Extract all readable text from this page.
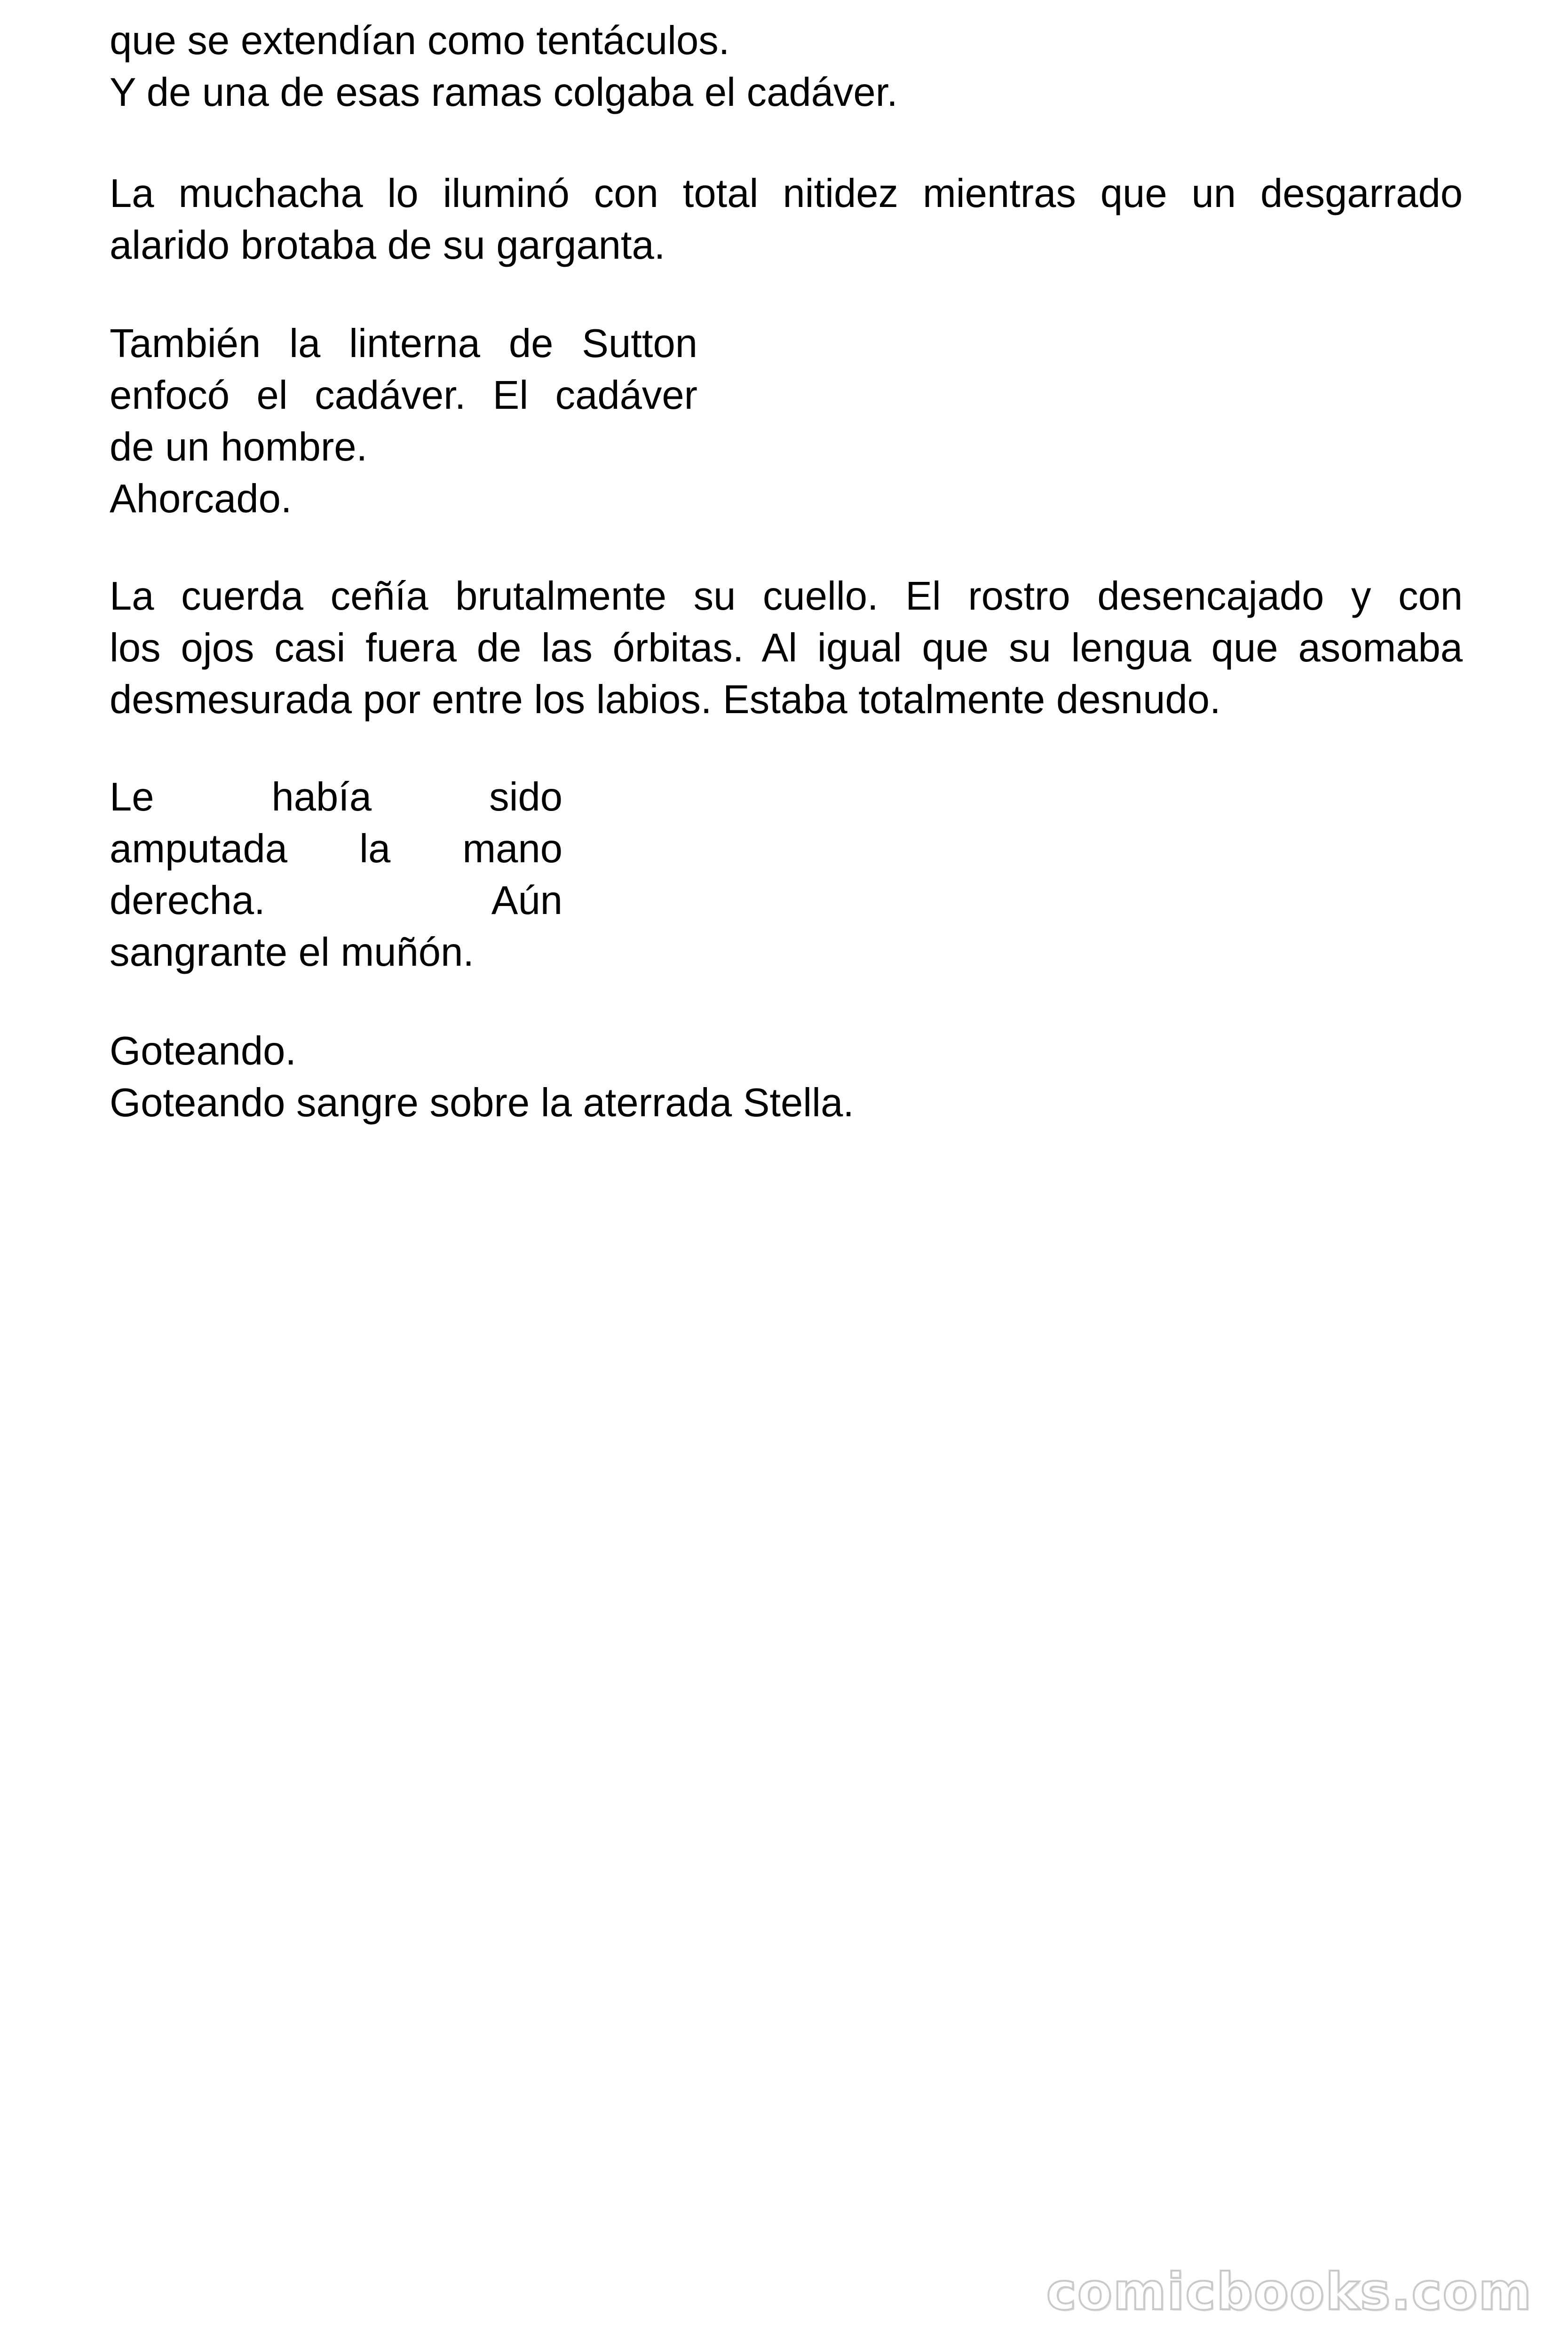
que se extendían como tentáculos.
Y de una de esas ramas colgaba el cadáver.
La muchacha lo iluminó con total nitidez mientras que un desgarrado
alarido brotaba de su garganta.
También la linterna de Sutton
enfocó el cadáver. El cadáver
de un hombre.
Ahorcado.
La cuerda ceñía brutalmente su cuello. El rostro desencajado y con
los ojos casi fuera de las órbitas. Al igual que su lengua que asomaba
desmesurada por entre los labios. Estaba totalmente desnudo.
Le había sido
amputada la mano
derecha. Aún
sangrante el muñón.
Goteando.
Goteando sangre sobre la aterrada Stella.
comicbooks.com
